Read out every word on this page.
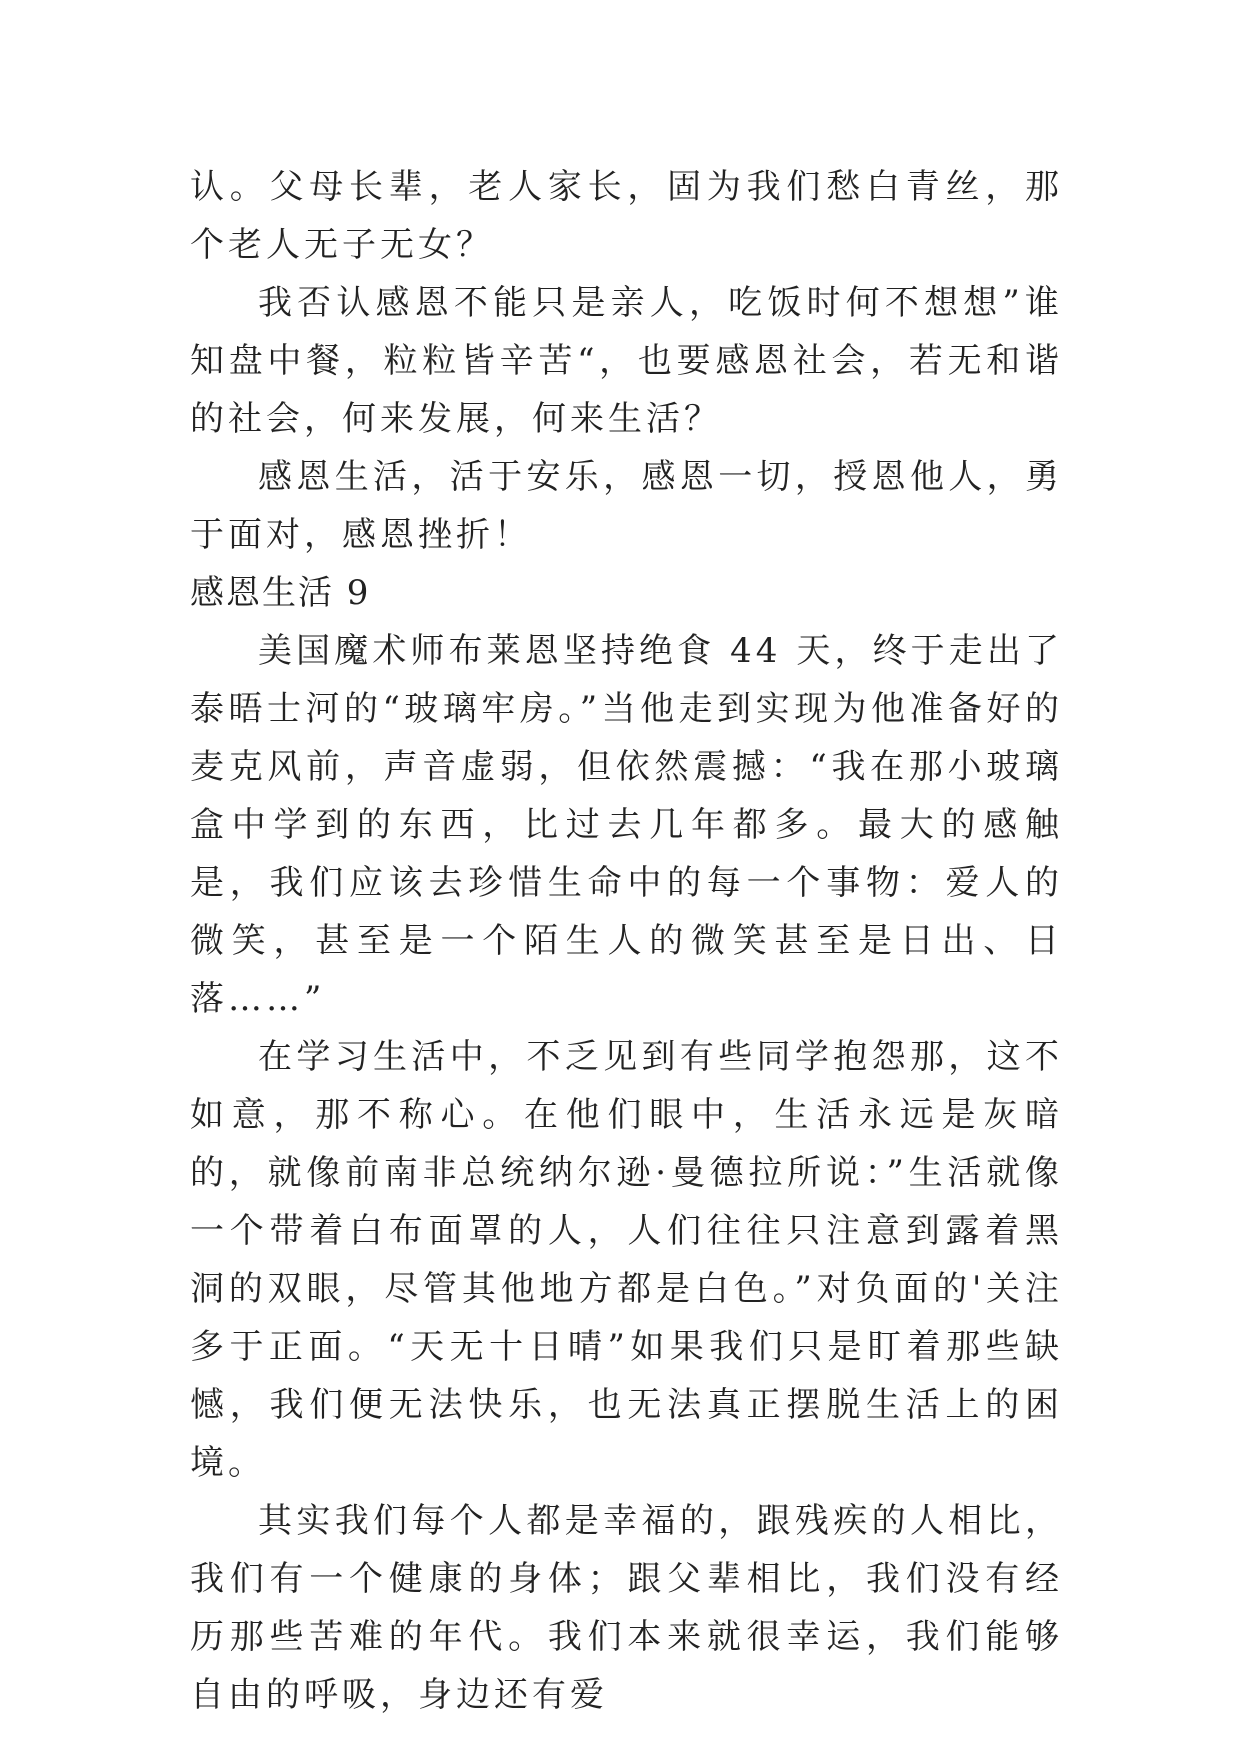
认。父母长辈，老人家长，固为我们愁白青丝，那个老人无子无女？

我否认感恩不能只是亲人，吃饭时何不想想”谁知盘中餐，粒粒皆辛苦“，也要感恩社会，若无和谐的社会，何来发展，何来生活？

感恩生活，活于安乐，感恩一切，授恩他人，勇于面对，感恩挫折！

感恩生活 9

美国魔术师布莱恩坚持绝食 44 天，终于走出了泰晤士河的“玻璃牢房。”当他走到实现为他准备好的麦克风前，声音虚弱，但依然震撼：“我在那小玻璃盒中学到的东西，比过去几年都多。最大的感触是，我们应该去珍惜生命中的每一个事物：爱人的微笑，甚至是一个陌生人的微笑甚至是日出、日落……”

在学习生活中，不乏见到有些同学抱怨那，这不如意，那不称心。在他们眼中，生活永远是灰暗的，就像前南非总统纳尔逊·曼德拉所说：”生活就像一个带着白布面罩的人，人们往往只注意到露着黑洞的双眼，尽管其他地方都是白色。”对负面的'关注多于正面。“天无十日晴”如果我们只是盯着那些缺憾，我们便无法快乐，也无法真正摆脱生活上的困境。

其实我们每个人都是幸福的，跟残疾的人相比，我们有一个健康的身体；跟父辈相比，我们没有经历那些苦难的年代。我们本来就很幸运，我们能够自由的呼吸，身边还有爱
